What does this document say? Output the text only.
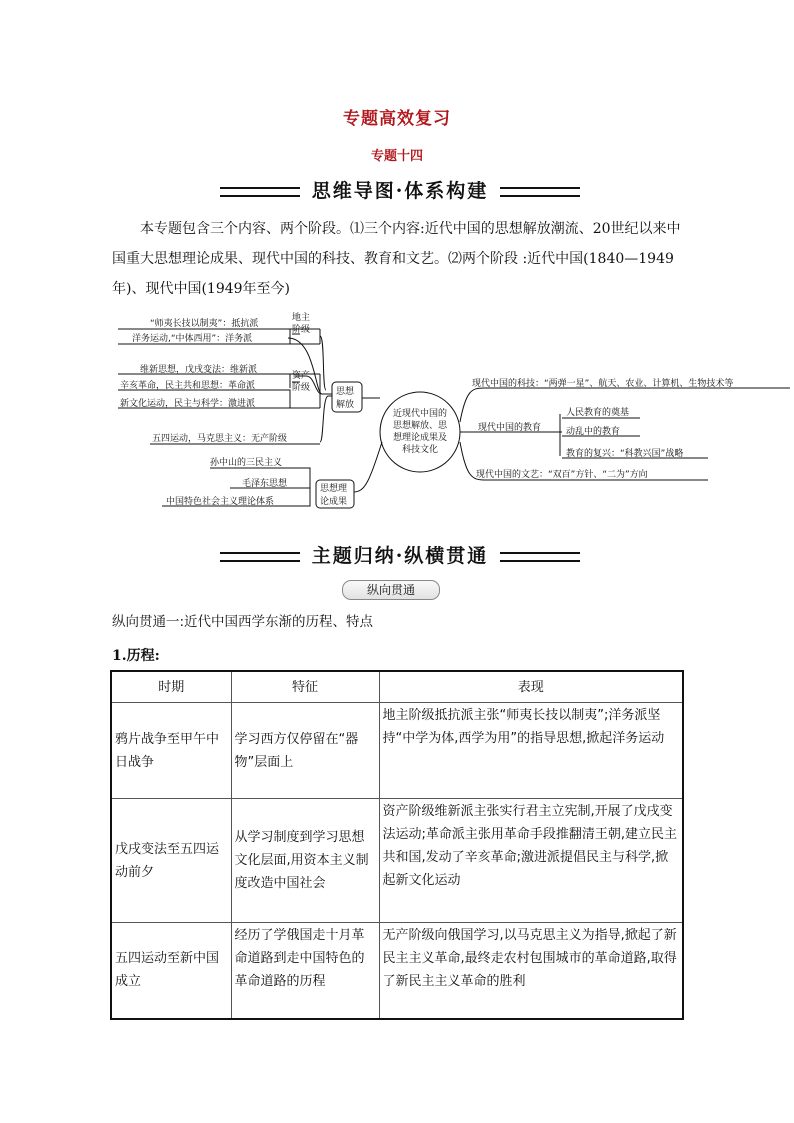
专题高效复习
专题十四
思维导图·体系构建
本专题包含三个内容、两个阶段。⑴三个内容:近代中国的思想解放潮流、20世纪以来中国重大思想理论成果、现代中国的科技、教育和文艺。⑵两个阶段 :近代中国(1840—1949年)、现代中国(1949年至今)
“师夷长技以制夷”：抵抗派
洋务运动,“中体西用”：洋务派
地主
阶级
资产
阶级
维新思想，戊戌变法：维新派
辛亥革命，民主共和思想：革命派
新文化运动，民主与科学：激进派
五四运动，马克思主义：无产阶级
思想
解放
近现代中国的
思想解放、思
想理论成果及
科技文化
孙中山的三民主义
毛泽东思想
中国特色社会主义理论体系
思想理
论成果
现代中国的科技：“两弹一星”、航天、农业、计算机、生物技术等
现代中国的教育
人民教育的奠基
动乱中的教育
教育的复兴：“科教兴国”战略
现代中国的文艺：“双百”方针、“二为”方向
主题归纳·纵横贯通
纵向贯通
纵向贯通一:近代中国西学东渐的历程、特点
1.历程:
时期	特征	表现
鸦片战争至甲午中日战争	学习西方仅停留在“器物”层面上	地主阶级抵抗派主张“师夷长技以制夷”;洋务派坚持“中学为体,西学为用”的指导思想,掀起洋务运动
戊戌变法至五四运动前夕	从学习制度到学习思想文化层面,用资本主义制度改造中国社会	资产阶级维新派主张实行君主立宪制,开展了戊戌变法运动;革命派主张用革命手段推翻清王朝,建立民主共和国,发动了辛亥革命;激进派提倡民主与科学,掀起新文化运动
五四运动至新中国成立	经历了学俄国走十月革命道路到走中国特色的革命道路的历程	无产阶级向俄国学习,以马克思主义为指导,掀起了新民主主义革命,最终走农村包围城市的革命道路,取得了新民主主义革命的胜利
